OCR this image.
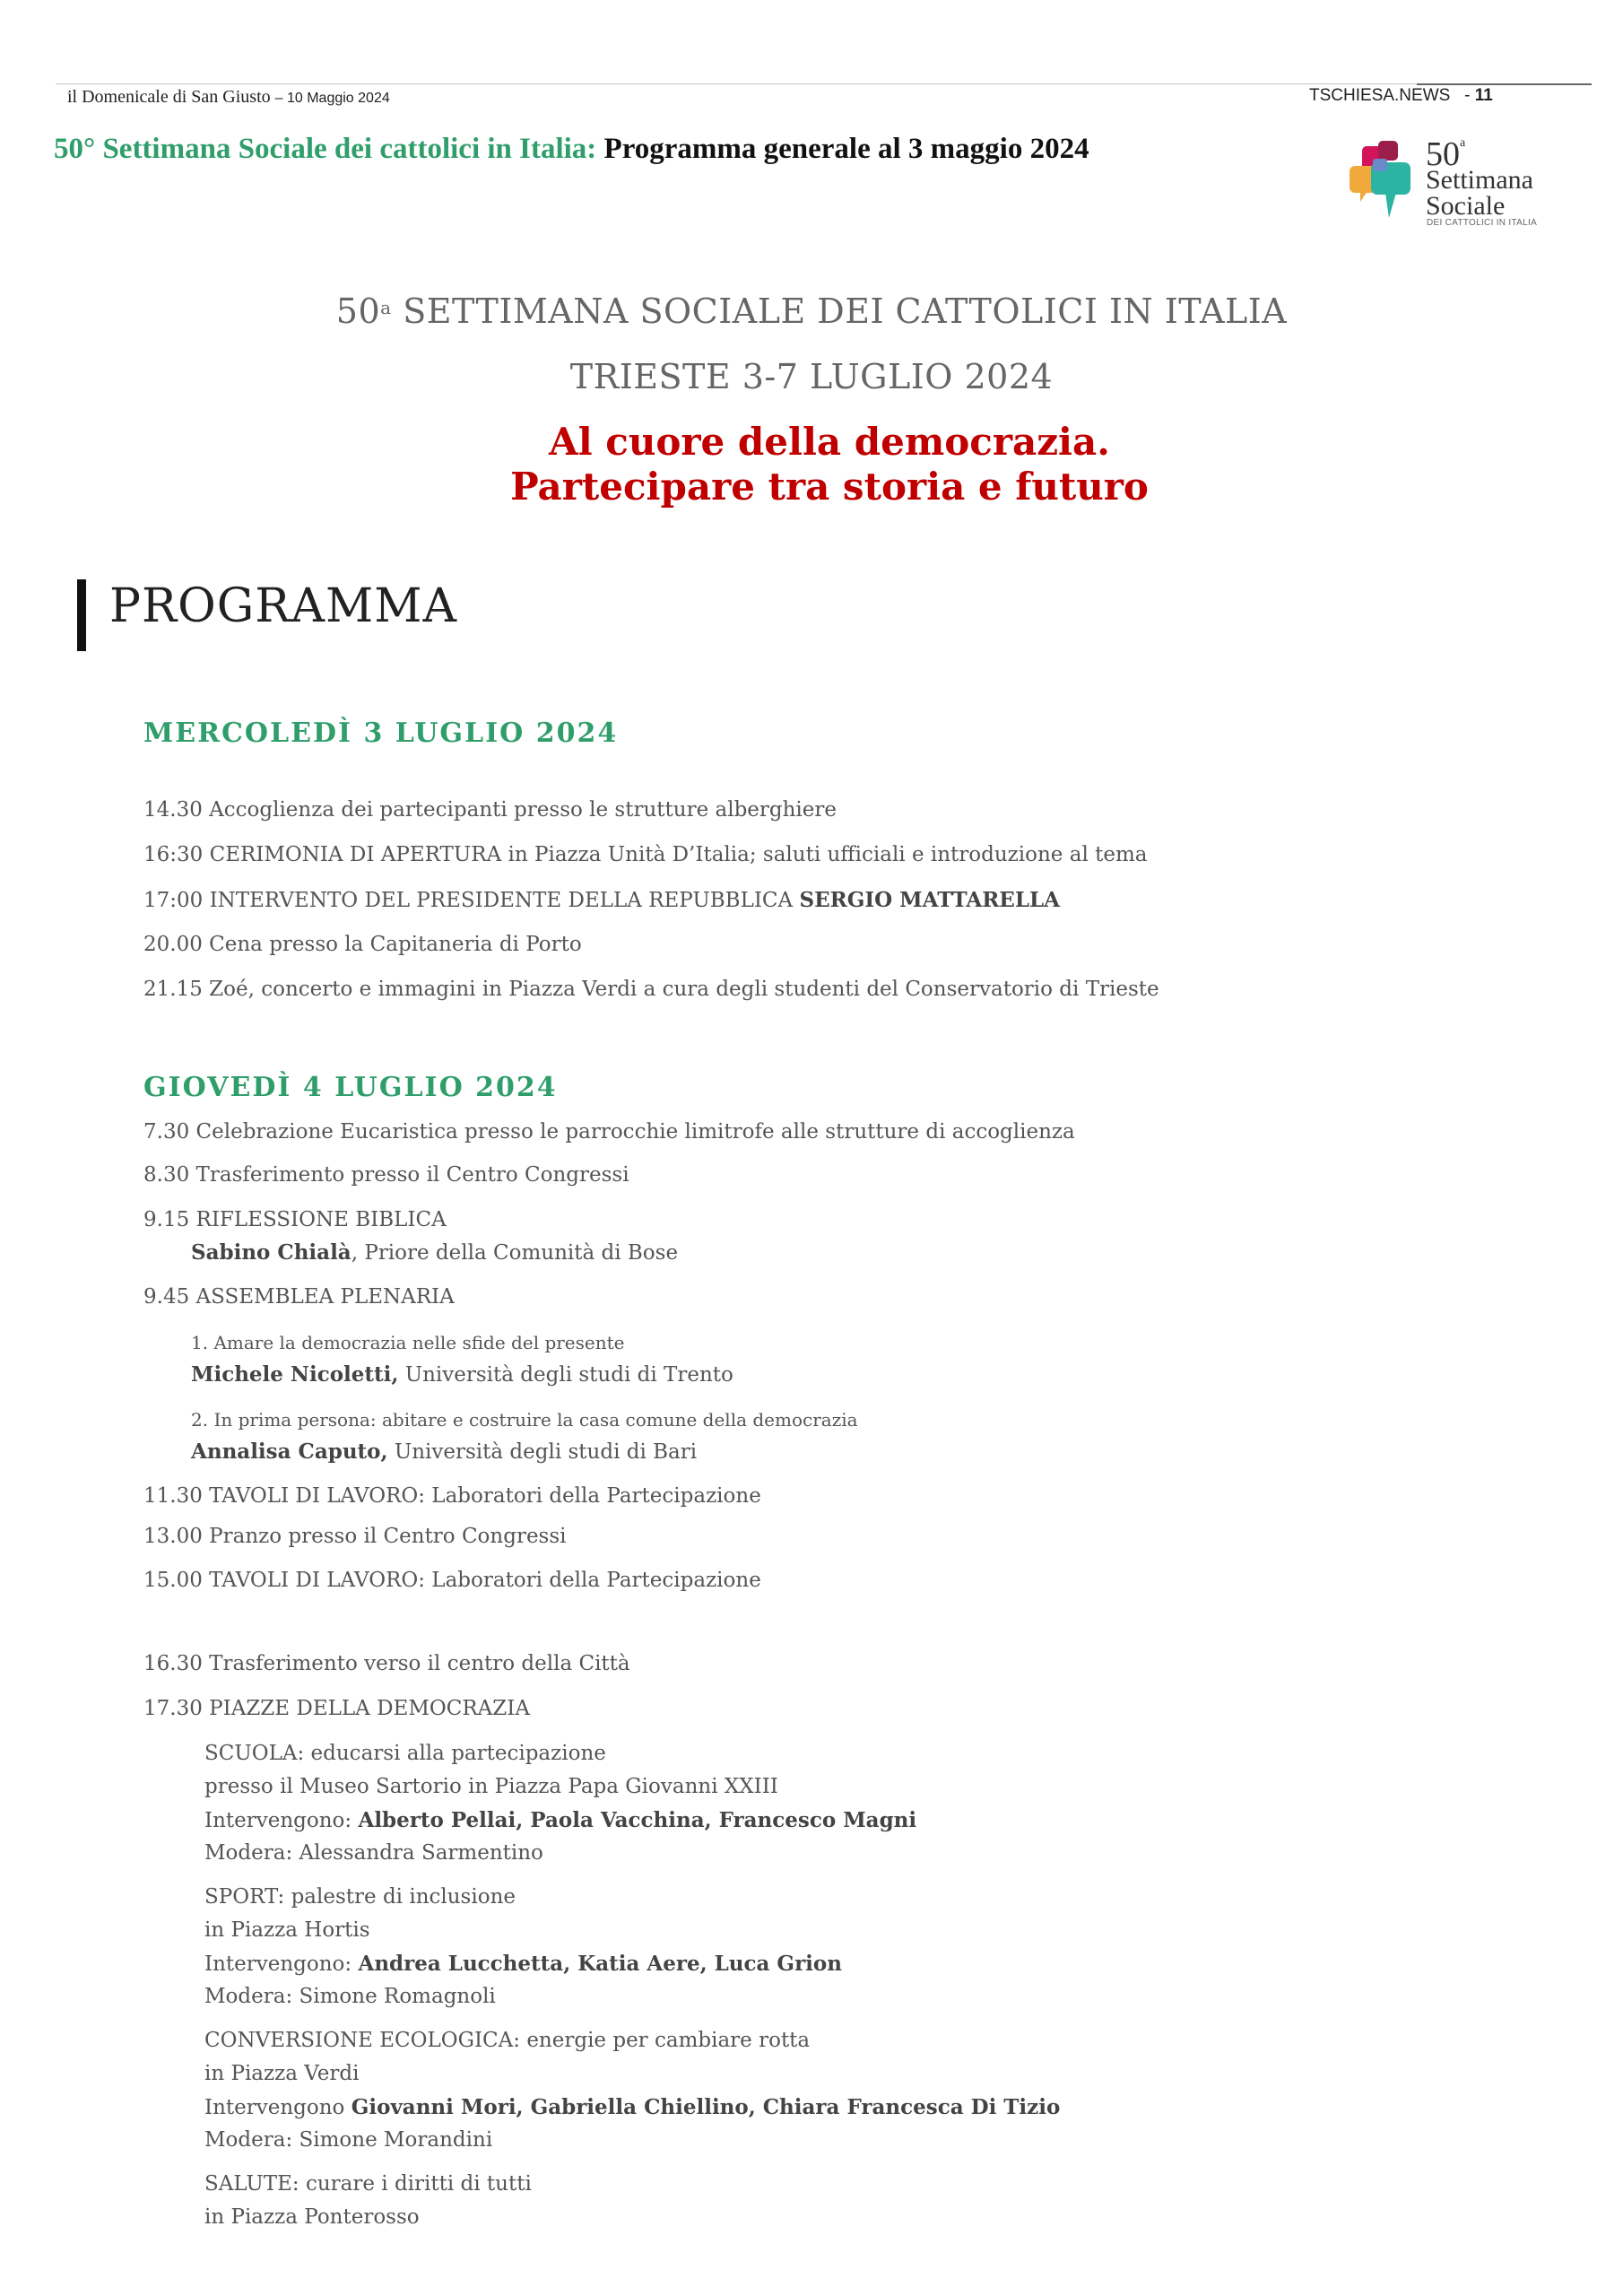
il Domenicale di San Giusto – 10 Maggio 2024	TSCHIESA.NEWS   - 11
50° Settimana Sociale dei cattolici in Italia: Programma generale al 3 maggio 2024	50$^a$
Settimana
Sociale
DEI CATTOLICI IN ITALIA
50$^a$ SETTIMANA SOCIALE DEI CATTOLICI IN ITALIA
TRIESTE 3-7 LUGLIO 2024
Al cuore della democrazia.
Partecipare tra storia e futuro
PROGRAMMA
MERCOLEDÌ 3 LUGLIO 2024
14.30 Accoglienza dei partecipanti presso le strutture alberghiere
16:30 CERIMONIA DI APERTURA in Piazza Unità D’Italia; saluti ufficiali e introduzione al tema
17:00 INTERVENTO DEL PRESIDENTE DELLA REPUBBLICA SERGIO MATTARELLA
20.00 Cena presso la Capitaneria di Porto
21.15 Zoé, concerto e immagini in Piazza Verdi a cura degli studenti del Conservatorio di Trieste
GIOVEDÌ 4 LUGLIO 2024
7.30 Celebrazione Eucaristica presso le parrocchie limitrofe alle strutture di accoglienza
8.30 Trasferimento presso il Centro Congressi
9.15 RIFLESSIONE BIBLICA
Sabino Chialà, Priore della Comunità di Bose
9.45 ASSEMBLEA PLENARIA
1. Amare la democrazia nelle sfide del presente
Michele Nicoletti, Università degli studi di Trento
2. In prima persona: abitare e costruire la casa comune della democrazia
Annalisa Caputo, Università degli studi di Bari
11.30 TAVOLI DI LAVORO: Laboratori della Partecipazione
13.00 Pranzo presso il Centro Congressi
15.00 TAVOLI DI LAVORO: Laboratori della Partecipazione
16.30 Trasferimento verso il centro della Città
17.30 PIAZZE DELLA DEMOCRAZIA
SCUOLA: educarsi alla partecipazione
presso il Museo Sartorio in Piazza Papa Giovanni XXIII
Intervengono: Alberto Pellai, Paola Vacchina, Francesco Magni
Modera: Alessandra Sarmentino
SPORT: palestre di inclusione
in Piazza Hortis
Intervengono: Andrea Lucchetta, Katia Aere, Luca Grion
Modera: Simone Romagnoli
CONVERSIONE ECOLOGICA: energie per cambiare rotta
in Piazza Verdi
Intervengono Giovanni Mori, Gabriella Chiellino, Chiara Francesca Di Tizio
Modera: Simone Morandini
SALUTE: curare i diritti di tutti
in Piazza Ponterosso
